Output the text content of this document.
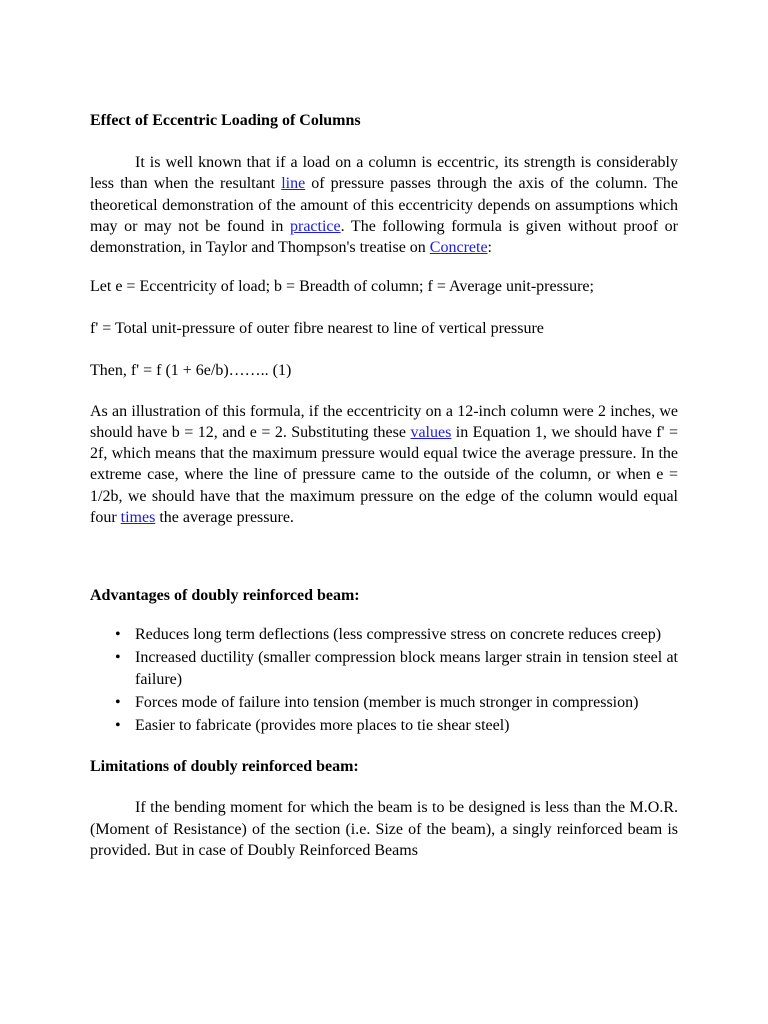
Effect of Eccentric Loading of Columns

It is well known that if a load on a column is eccentric, its strength is considerably less than when the resultant line of pressure passes through the axis of the column. The theoretical demonstration of the amount of this eccentricity depends on assumptions which may or may not be found in practice. The following formula is given without proof or demonstration, in Taylor and Thompson's treatise on Concrete:

Let e = Eccentricity of load; b = Breadth of column; f = Average unit-pressure;

f' = Total unit-pressure of outer fibre nearest to line of vertical pressure

Then, f' = f (1 + 6e/b)…….. (1)

As an illustration of this formula, if the eccentricity on a 12-inch column were 2 inches, we should have b = 12, and e = 2. Substituting these values in Equation 1, we should have f' = 2f, which means that the maximum pressure would equal twice the average pressure. In the extreme case, where the line of pressure came to the outside of the column, or when e = 1/2b, we should have that the maximum pressure on the edge of the column would equal four times the average pressure.

Advantages of doubly reinforced beam:

• Reduces long term deflections (less compressive stress on concrete reduces creep)
• Increased ductility (smaller compression block means larger strain in tension steel at failure)
• Forces mode of failure into tension (member is much stronger in compression)
• Easier to fabricate (provides more places to tie shear steel)

Limitations of doubly reinforced beam:

If the bending moment for which the beam is to be designed is less than the M.O.R. (Moment of Resistance) of the section (i.e. Size of the beam), a singly reinforced beam is provided. But in case of Doubly Reinforced Beams
